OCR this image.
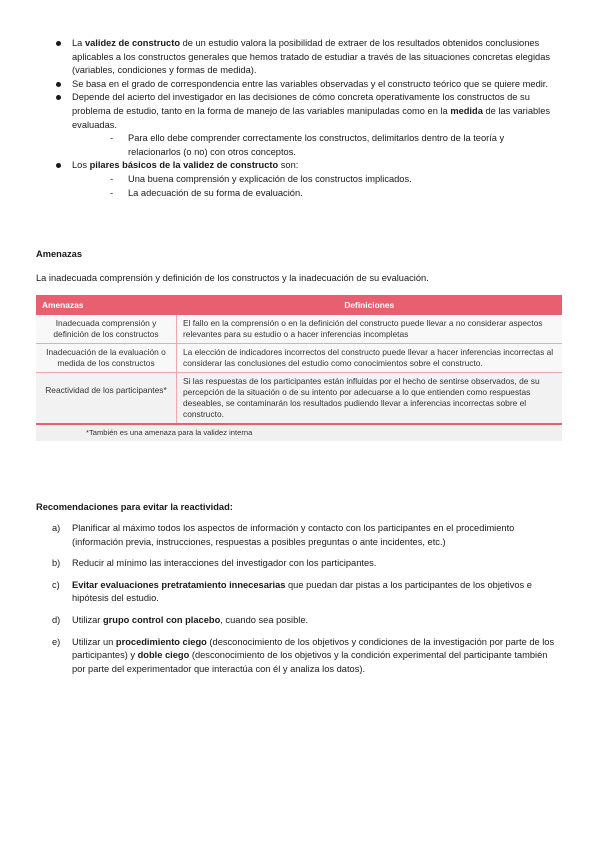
La validez de constructo de un estudio valora la posibilidad de extraer de los resultados obtenidos conclusiones aplicables a los constructos generales que hemos tratado de estudiar a través de las situaciones concretas elegidas (variables, condiciones y formas de medida).
Se basa en el grado de correspondencia entre las variables observadas y el constructo teórico que se quiere medir.
Depende del acierto del investigador en las decisiones de cómo concreta operativamente los constructos de su problema de estudio, tanto en la forma de manejo de las variables manipuladas como en la medida de las variables evaluadas.
- Para ello debe comprender correctamente los constructos, delimitarlos dentro de la teoría y relacionarlos (o no) con otros conceptos.
Los pilares básicos de la validez de constructo son:
- Una buena comprensión y explicación de los constructos implicados.
- La adecuación de su forma de evaluación.
Amenazas
La inadecuada comprensión y definición de los constructos y la inadecuación de su evaluación.
Amenazas	Definiciones
Inadecuada comprensión y definición de los constructos	El fallo en la comprensión o en la definición del constructo puede llevar a no considerar aspectos relevantes para su estudio o a hacer inferencias incompletas
Inadecuación de la evaluación o medida de los constructos	La elección de indicadores incorrectos del constructo puede llevar a hacer inferencias incorrectas al considerar las conclusiones del estudio como conocimientos sobre el constructo.
Reactividad de los participantes*	Si las respuestas de los participantes están influidas por el hecho de sentirse observados, de su percepción de la situación o de su intento por adecuarse a lo que entienden como respuestas deseables, se contaminarán los resultados pudiendo llevar a inferencias incorrectas sobre el constructo.
*También es una amenaza para la validez interna	
Recomendaciones para evitar la reactividad:
a) Planificar al máximo todos los aspectos de información y contacto con los participantes en el procedimiento (información previa, instrucciones, respuestas a posibles preguntas o ante incidentes, etc.)
b) Reducir al mínimo las interacciones del investigador con los participantes.
c) Evitar evaluaciones pretratamiento innecesarias que puedan dar pistas a los participantes de los objetivos e hipótesis del estudio.
d) Utilizar grupo control con placebo, cuando sea posible.
e) Utilizar un procedimiento ciego (desconocimiento de los objetivos y condiciones de la investigación por parte de los participantes) y doble ciego (desconocimiento de los objetivos y la condición experimental del participante también por parte del experimentador que interactúa con él y analiza los datos).
